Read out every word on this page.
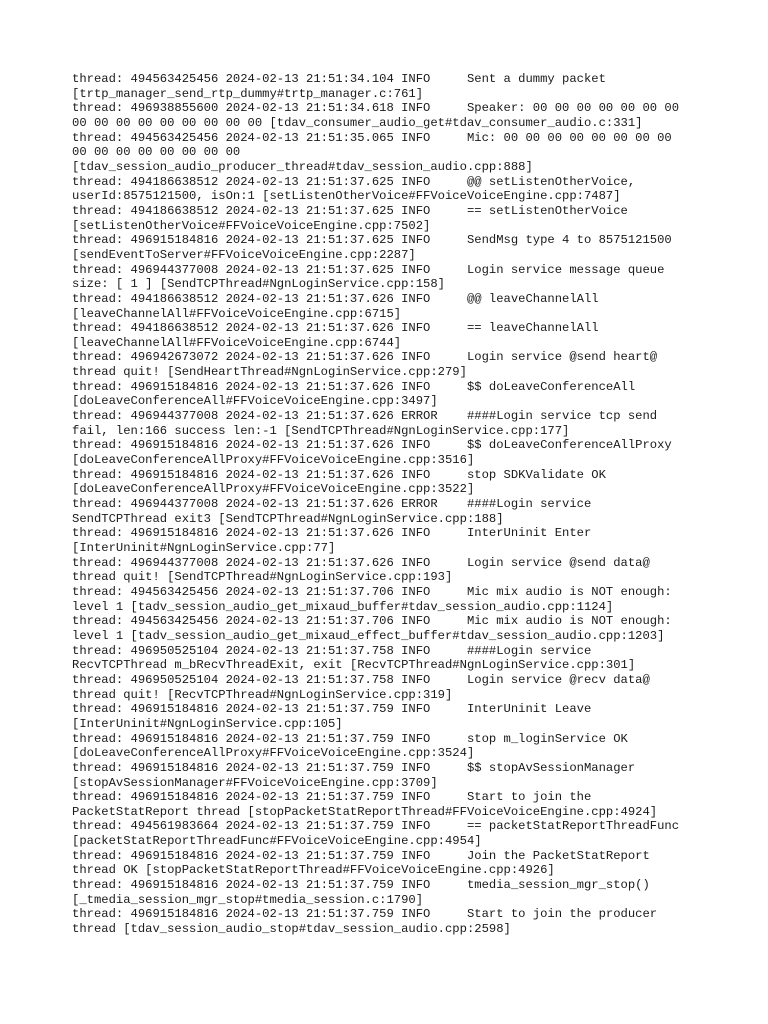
thread: 494563425456 2024-02-13 21:51:34.104 INFO     Sent a dummy packet
[trtp_manager_send_rtp_dummy#trtp_manager.c:761]
thread: 496938855600 2024-02-13 21:51:34.618 INFO     Speaker: 00 00 00 00 00 00 00
00 00 00 00 00 00 00 00 00 [tdav_consumer_audio_get#tdav_consumer_audio.c:331]
thread: 494563425456 2024-02-13 21:51:35.065 INFO     Mic: 00 00 00 00 00 00 00 00
00 00 00 00 00 00 00 00
[tdav_session_audio_producer_thread#tdav_session_audio.cpp:888]
thread: 494186638512 2024-02-13 21:51:37.625 INFO     @@ setListenOtherVoice,
userId:8575121500, isOn:1 [setListenOtherVoice#FFVoiceVoiceEngine.cpp:7487]
thread: 494186638512 2024-02-13 21:51:37.625 INFO     == setListenOtherVoice
[setListenOtherVoice#FFVoiceVoiceEngine.cpp:7502]
thread: 496915184816 2024-02-13 21:51:37.625 INFO     SendMsg type 4 to 8575121500
[sendEventToServer#FFVoiceVoiceEngine.cpp:2287]
thread: 496944377008 2024-02-13 21:51:37.625 INFO     Login service message queue
size: [ 1 ] [SendTCPThread#NgnLoginService.cpp:158]
thread: 494186638512 2024-02-13 21:51:37.626 INFO     @@ leaveChannelAll
[leaveChannelAll#FFVoiceVoiceEngine.cpp:6715]
thread: 494186638512 2024-02-13 21:51:37.626 INFO     == leaveChannelAll
[leaveChannelAll#FFVoiceVoiceEngine.cpp:6744]
thread: 496942673072 2024-02-13 21:51:37.626 INFO     Login service @send heart@
thread quit! [SendHeartThread#NgnLoginService.cpp:279]
thread: 496915184816 2024-02-13 21:51:37.626 INFO     $$ doLeaveConferenceAll
[doLeaveConferenceAll#FFVoiceVoiceEngine.cpp:3497]
thread: 496944377008 2024-02-13 21:51:37.626 ERROR    ####Login service tcp send
fail, len:166 success len:-1 [SendTCPThread#NgnLoginService.cpp:177]
thread: 496915184816 2024-02-13 21:51:37.626 INFO     $$ doLeaveConferenceAllProxy
[doLeaveConferenceAllProxy#FFVoiceVoiceEngine.cpp:3516]
thread: 496915184816 2024-02-13 21:51:37.626 INFO     stop SDKValidate OK
[doLeaveConferenceAllProxy#FFVoiceVoiceEngine.cpp:3522]
thread: 496944377008 2024-02-13 21:51:37.626 ERROR    ####Login service
SendTCPThread exit3 [SendTCPThread#NgnLoginService.cpp:188]
thread: 496915184816 2024-02-13 21:51:37.626 INFO     InterUninit Enter
[InterUninit#NgnLoginService.cpp:77]
thread: 496944377008 2024-02-13 21:51:37.626 INFO     Login service @send data@
thread quit! [SendTCPThread#NgnLoginService.cpp:193]
thread: 494563425456 2024-02-13 21:51:37.706 INFO     Mic mix audio is NOT enough:
level 1 [tadv_session_audio_get_mixaud_buffer#tdav_session_audio.cpp:1124]
thread: 494563425456 2024-02-13 21:51:37.706 INFO     Mic mix audio is NOT enough:
level 1 [tadv_session_audio_get_mixaud_effect_buffer#tdav_session_audio.cpp:1203]
thread: 496950525104 2024-02-13 21:51:37.758 INFO     ####Login service
RecvTCPThread m_bRecvThreadExit, exit [RecvTCPThread#NgnLoginService.cpp:301]
thread: 496950525104 2024-02-13 21:51:37.758 INFO     Login service @recv data@
thread quit! [RecvTCPThread#NgnLoginService.cpp:319]
thread: 496915184816 2024-02-13 21:51:37.759 INFO     InterUninit Leave
[InterUninit#NgnLoginService.cpp:105]
thread: 496915184816 2024-02-13 21:51:37.759 INFO     stop m_loginService OK
[doLeaveConferenceAllProxy#FFVoiceVoiceEngine.cpp:3524]
thread: 496915184816 2024-02-13 21:51:37.759 INFO     $$ stopAvSessionManager
[stopAvSessionManager#FFVoiceVoiceEngine.cpp:3709]
thread: 496915184816 2024-02-13 21:51:37.759 INFO     Start to join the
PacketStatReport thread [stopPacketStatReportThread#FFVoiceVoiceEngine.cpp:4924]
thread: 494561983664 2024-02-13 21:51:37.759 INFO     == packetStatReportThreadFunc
[packetStatReportThreadFunc#FFVoiceVoiceEngine.cpp:4954]
thread: 496915184816 2024-02-13 21:51:37.759 INFO     Join the PacketStatReport
thread OK [stopPacketStatReportThread#FFVoiceVoiceEngine.cpp:4926]
thread: 496915184816 2024-02-13 21:51:37.759 INFO     tmedia_session_mgr_stop()
[_tmedia_session_mgr_stop#tmedia_session.c:1790]
thread: 496915184816 2024-02-13 21:51:37.759 INFO     Start to join the producer
thread [tdav_session_audio_stop#tdav_session_audio.cpp:2598]
